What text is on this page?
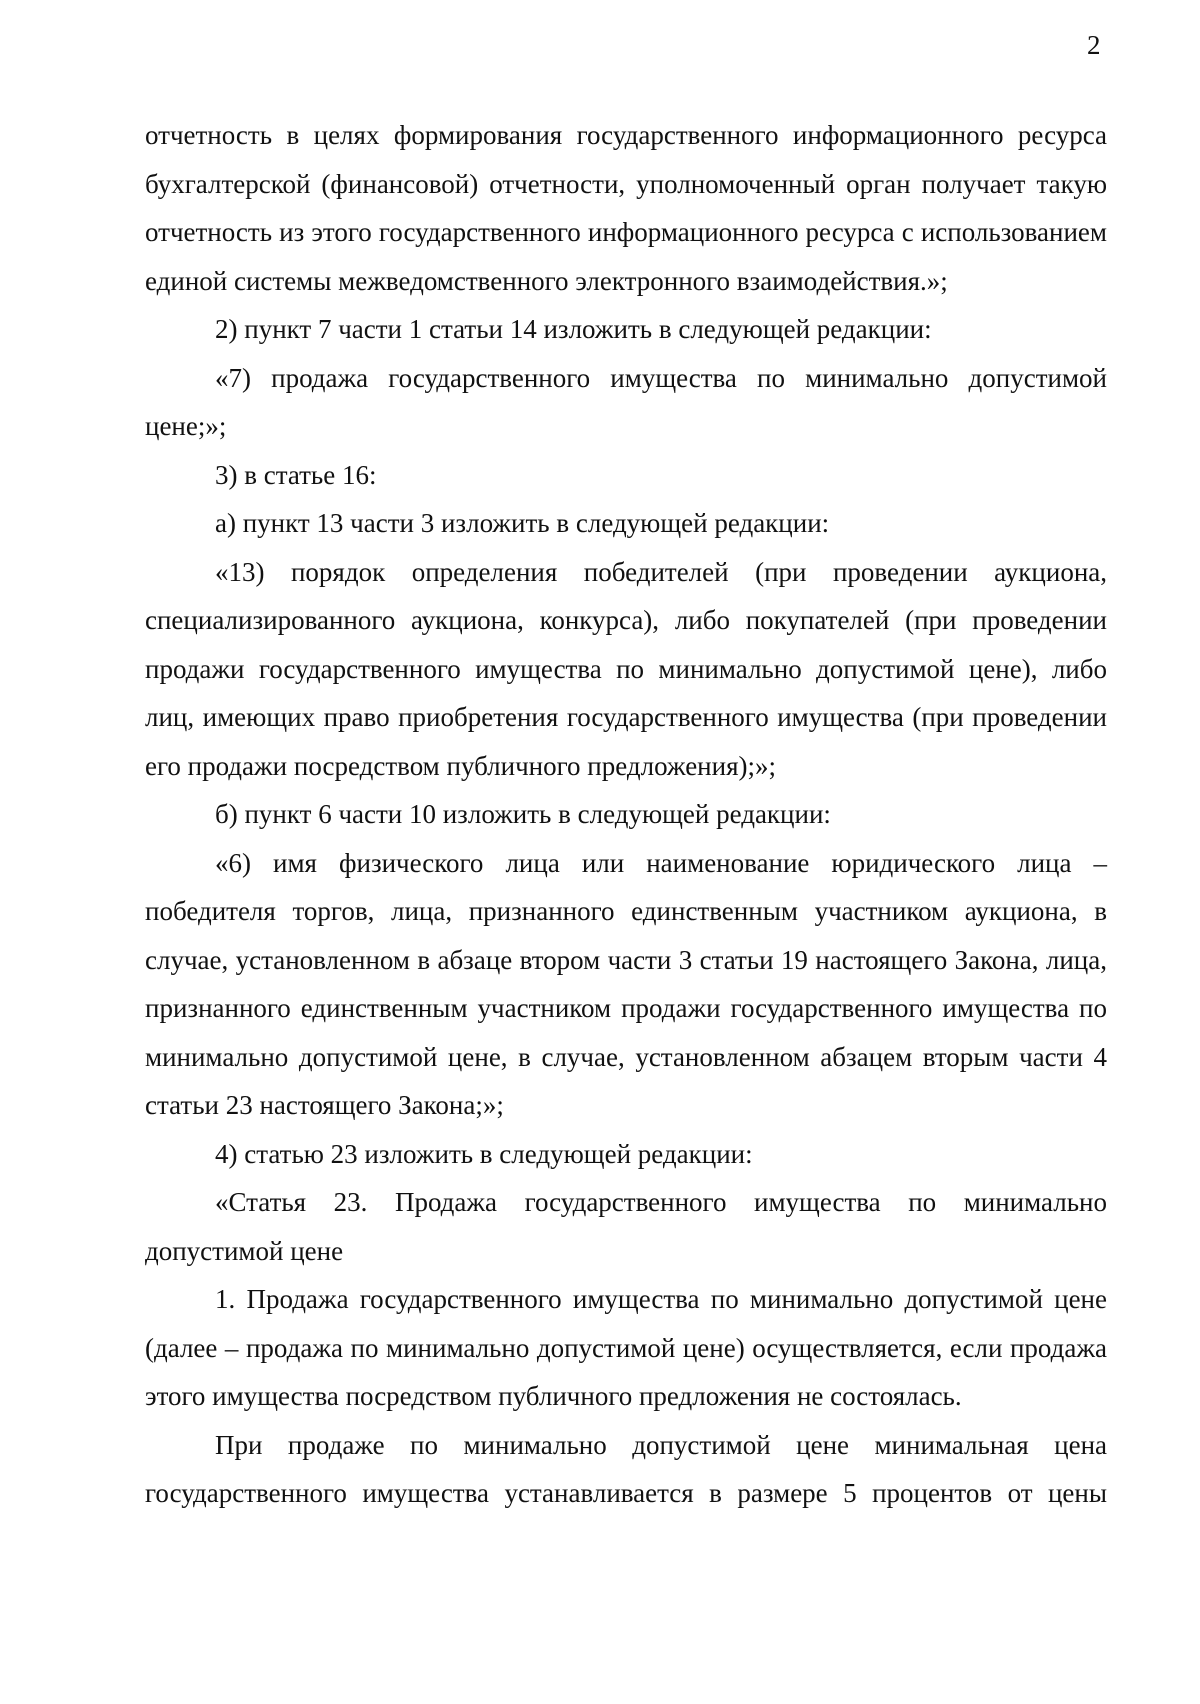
2

отчетность в целях формирования государственного информационного ресурса бухгалтерской (финансовой) отчетности, уполномоченный орган получает такую отчетность из этого государственного информационного ресурса с использованием единой системы межведомственного электронного взаимодействия.»;

2) пункт 7 части 1 статьи 14 изложить в следующей редакции:

«7) продажа государственного имущества по минимально допустимой цене;»;

3) в статье 16:

а) пункт 13 части 3 изложить в следующей редакции:

«13) порядок определения победителей (при проведении аукциона, специализированного аукциона, конкурса), либо покупателей (при проведении продажи государственного имущества по минимально допустимой цене), либо лиц, имеющих право приобретения государственного имущества (при проведении его продажи посредством публичного предложения);»;

б) пункт 6 части 10 изложить в следующей редакции:

«6) имя физического лица или наименование юридического лица – победителя торгов, лица, признанного единственным участником аукциона, в случае, установленном в абзаце втором части 3 статьи 19 настоящего Закона, лица, признанного единственным участником продажи государственного имущества по минимально допустимой цене, в случае, установленном абзацем вторым части 4 статьи 23 настоящего Закона;»;

4) статью 23 изложить в следующей редакции:

«Статья 23. Продажа государственного имущества по минимально допустимой цене

1. Продажа государственного имущества по минимально допустимой цене (далее – продажа по минимально допустимой цене) осуществляется, если продажа этого имущества посредством публичного предложения не состоялась.

При продаже по минимально допустимой цене минимальная цена государственного имущества устанавливается в размере 5 процентов от цены
